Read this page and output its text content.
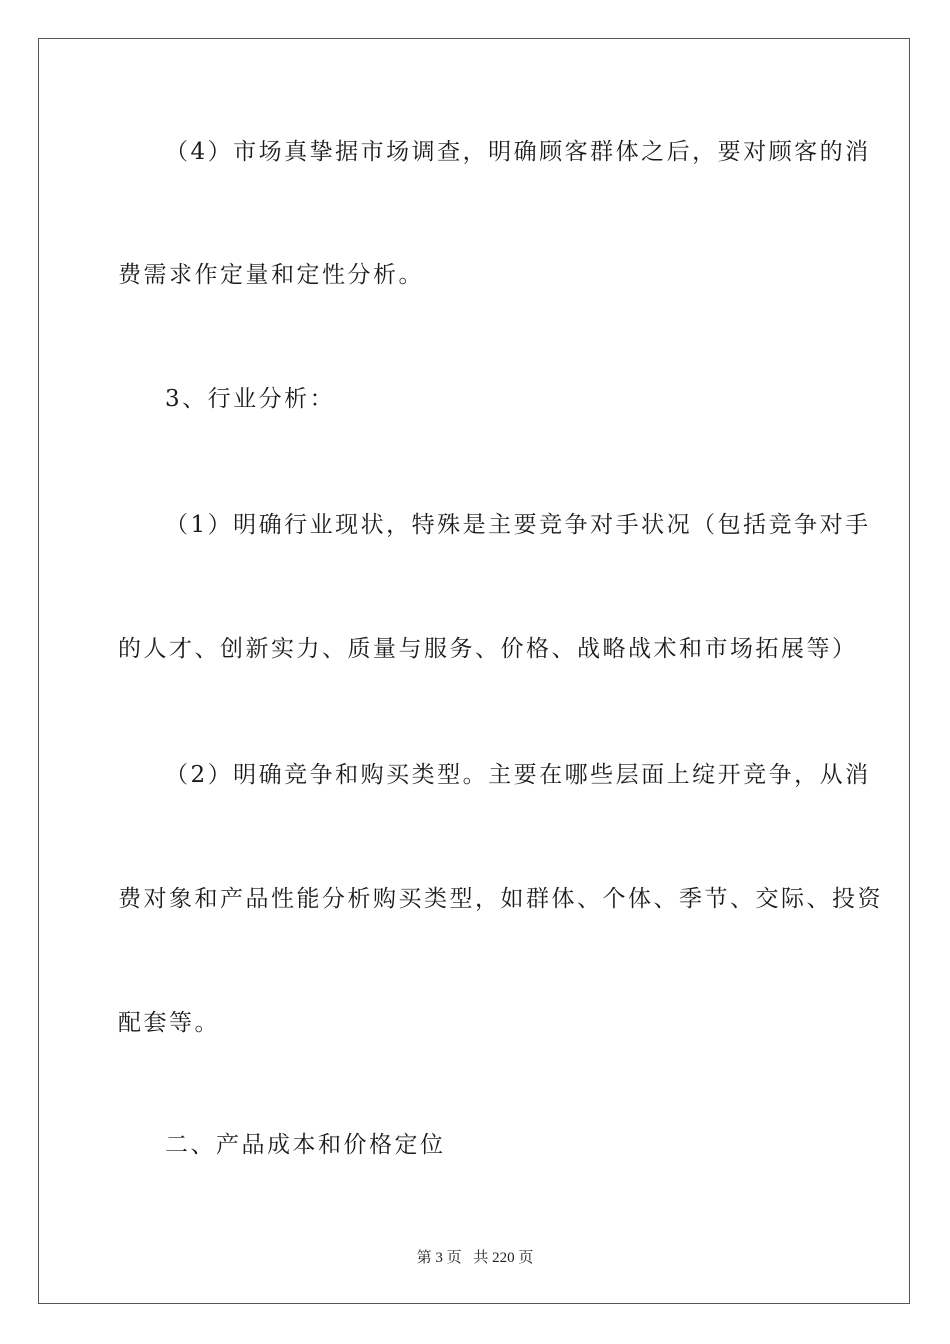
（4）市场真挚据市场调查，明确顾客群体之后，要对顾客的消
费需求作定量和定性分析。
3、行业分析：
（1）明确行业现状，特殊是主要竞争对手状况（包括竞争对手
的人才、创新实力、质量与服务、价格、战略战术和市场拓展等）
（2）明确竞争和购买类型。主要在哪些层面上绽开竞争，从消
费对象和产品性能分析购买类型，如群体、个体、季节、交际、投资
配套等。
二、产品成本和价格定位
第 3 页 共 220 页
